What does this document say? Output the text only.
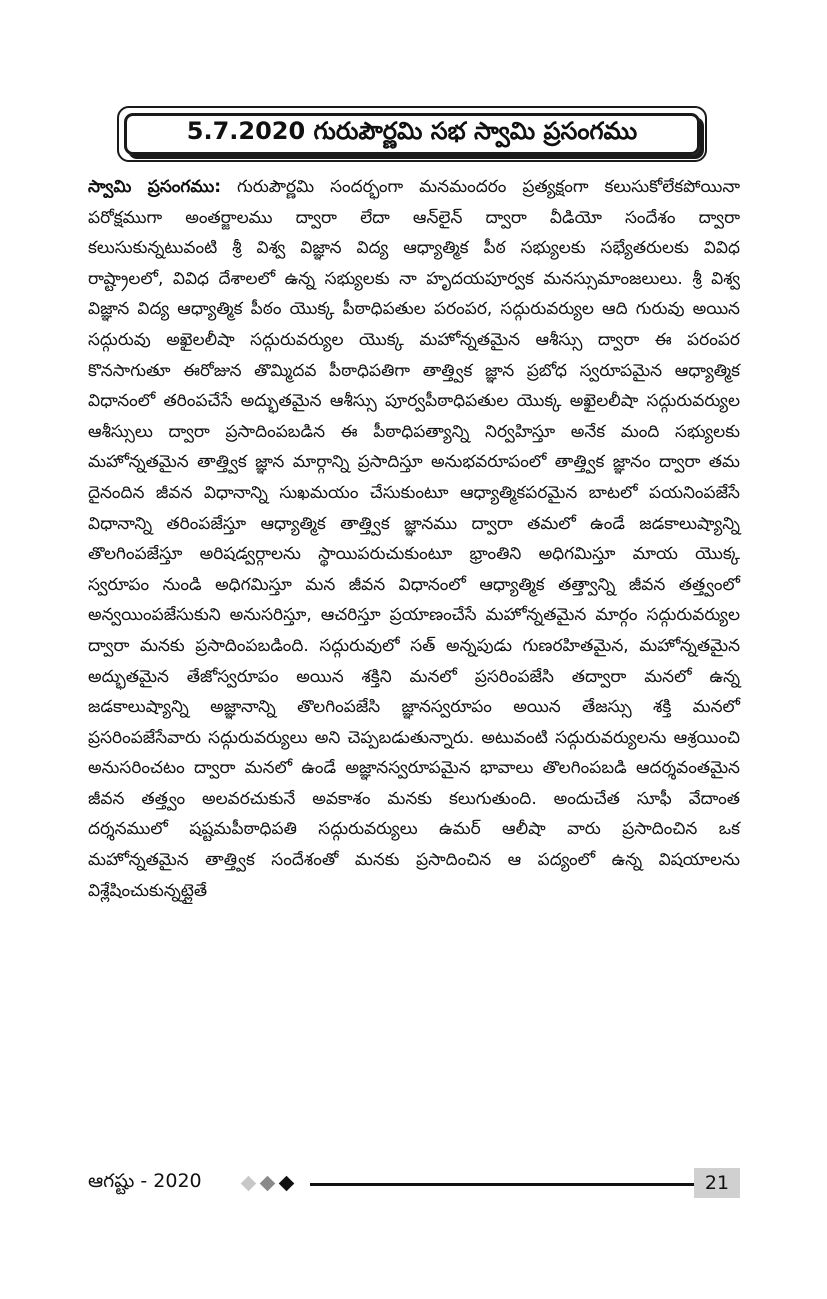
5.7.2020 గురుపౌర్ణమి సభ స్వామి ప్రసంగము

స్వామి ప్రసంగము: గురుపౌర్ణమి సందర్భంగా మనమందరం ప్రత్యక్షంగా కలుసుకోలేకపోయినా పరోక్షముగా అంతర్జాలము ద్వారా లేదా ఆన్‌లైన్ ద్వారా వీడియో సందేశం ద్వారా కలుసుకున్నటువంటి శ్రీ విశ్వ విజ్ఞాన విద్య ఆధ్యాత్మిక పీఠ సభ్యులకు సభ్యేతరులకు వివిధ రాష్ట్రాలలో, వివిధ దేశాలలో ఉన్న సభ్యులకు నా హృదయపూర్వక మనస్సుమాంజలులు. శ్రీ విశ్వ విజ్ఞాన విద్య ఆధ్యాత్మిక పీఠం యొక్క పీఠాధిపతుల పరంపర, సద్గురువర్యుల ఆది గురువు అయిన సద్గురువు అఖైలలీషా సద్గురువర్యుల యొక్క మహోన్నతమైన ఆశీస్సు ద్వారా ఈ పరంపర కొనసాగుతూ ఈరోజున తొమ్మిదవ పీఠాధిపతిగా తాత్త్విక జ్ఞాన ప్రబోధ స్వరూపమైన ఆధ్యాత్మిక విధానంలో తరింపచేసే అద్భుతమైన ఆశీస్సు పూర్వపీఠాధిపతుల యొక్క అఖైలలీషా సద్గురువర్యుల ఆశీస్సులు ద్వారా ప్రసాదింపబడిన ఈ పీఠాధిపత్యాన్ని నిర్వహిస్తూ అనేక మంది సభ్యులకు మహోన్నతమైన తాత్త్విక జ్ఞాన మార్గాన్ని ప్రసాదిస్తూ అనుభవరూపంలో తాత్త్విక జ్ఞానం ద్వారా తమ దైనందిన జీవన విధానాన్ని సుఖమయం చేసుకుంటూ ఆధ్యాత్మికపరమైన బాటలో పయనింపజేసే విధానాన్ని తరింపజేస్తూ ఆధ్యాత్మిక తాత్త్విక జ్ఞానము ద్వారా తమలో ఉండే జడకాలుష్యాన్ని తొలగింపజేస్తూ అరిషడ్వర్గాలను స్థాయిపరుచుకుంటూ భ్రాంతిని అధిగమిస్తూ మాయ యొక్క స్వరూపం నుండి అధిగమిస్తూ మన జీవన విధానంలో ఆధ్యాత్మిక తత్త్వాన్ని జీవన తత్త్వంలో అన్వయింపజేసుకుని అనుసరిస్తూ, ఆచరిస్తూ ప్రయాణంచేసే మహోన్నతమైన మార్గం సద్గురువర్యుల ద్వారా మనకు ప్రసాదింపబడింది. సద్గురువులో సత్ అన్నపుడు గుణరహితమైన, మహోన్నతమైన అద్భుతమైన తేజోస్వరూపం అయిన శక్తిని మనలో ప్రసరింపజేసి తద్వారా మనలో ఉన్న జడకాలుష్యాన్ని అజ్ఞానాన్ని తొలగింపజేసి జ్ఞానస్వరూపం అయిన తేజస్సు శక్తి మనలో ప్రసరింపజేసేవారు సద్గురువర్యులు అని చెప్పబడుతున్నారు. అటువంటి సద్గురువర్యులను ఆశ్రయించి అనుసరించటం ద్వారా మనలో ఉండే అజ్ఞానస్వరూపమైన భావాలు తొలగింపబడి ఆదర్శవంతమైన జీవన తత్త్వం అలవరచుకునే అవకాశం మనకు కలుగుతుంది. అందుచేత సూఫీ వేదాంత దర్శనములో షష్టమపీఠాధిపతి సద్గురువర్యులు ఉమర్ ఆలీషా వారు ప్రసాదించిన ఒక మహోన్నతమైన తాత్త్విక సందేశంతో మనకు ప్రసాదించిన ఆ పద్యంలో ఉన్న విషయాలను విశ్లేషించుకున్నట్లైతే

ఆగష్టు - 2020	21
